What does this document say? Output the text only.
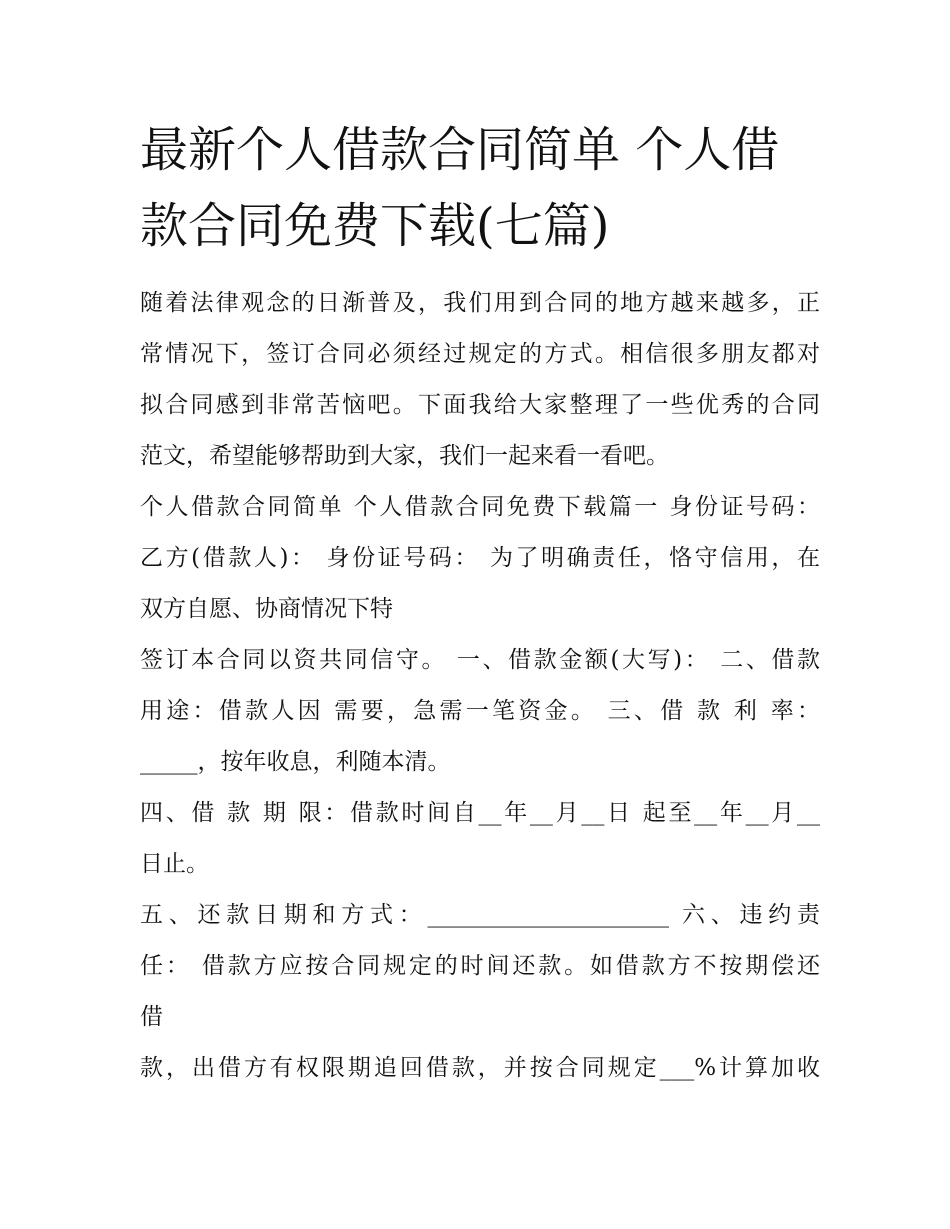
最新个人借款合同简单 个人借
款合同免费下载(七篇)
随着法律观念的日渐普及，我们用到合同的地方越来越多，正
常情况下，签订合同必须经过规定的方式。相信很多朋友都对
拟合同感到非常苦恼吧。下面我给大家整理了一些优秀的合同
范文，希望能够帮助到大家，我们一起来看一看吧。
个人借款合同简单 个人借款合同免费下载篇一 身份证号码：
乙方(借款人)： 身份证号码： 为了明确责任，恪守信用，在
双方自愿、协商情况下特
签订本合同以资共同信守。 一、借款金额(大写)： 二、借款
用途：借款人因 需要，急需一笔资金。 三、借 款 利 率：
_____，按年收息，利随本清。
四、借 款 期 限：借款时间自__年__月__日 起至__年__月__
日止。
五、还款日期和方式：_____________________ 六、违约责
任： 借款方应按合同规定的时间还款。如借款方不按期偿还
借
款，出借方有权限期追回借款，并按合同规定___%计算加收
